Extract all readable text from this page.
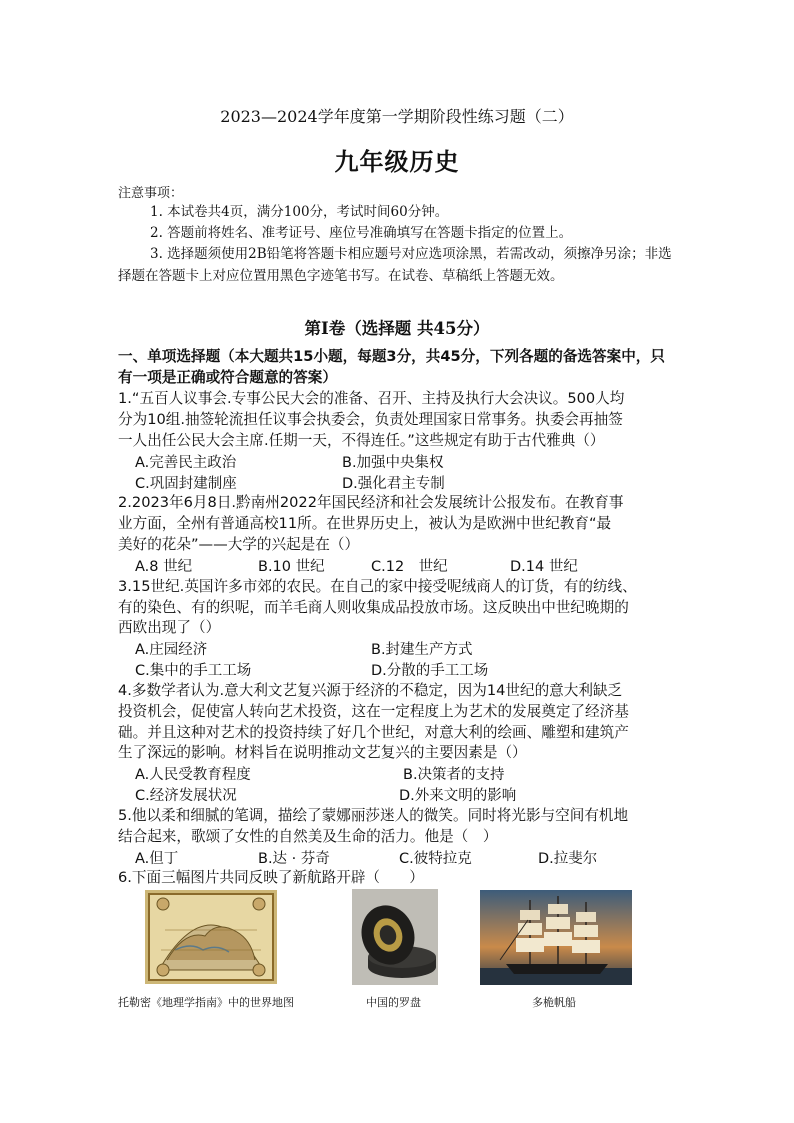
2023—2024学年度第一学期阶段性练习题（二）
九年级历史
注意事项：
1. 本试卷共4页，满分100分，考试时间60分钟。
2. 答题前将姓名、准考证号、座位号准确填写在答题卡指定的位置上。
3. 选择题须使用2B铅笔将答题卡相应题号对应选项涂黑，若需改动，须擦净另涂；非选择题在答题卡上对应位置用黑色字迹笔书写。在试卷、草稿纸上答题无效。
第Ⅰ卷（选择题 共45分）
一、单项选择题（本大题共15小题，每题3分，共45分，下列各题的备选答案中，只有一项是正确或符合题意的答案）
1.“五百人议事会.专事公民大会的准备、召开、主持及执行大会决议。500人均
分为10组.抽签轮流担任议事会执委会，负责处理国家日常事务。执委会再抽签
一人出任公民大会主席.任期一天，不得连任。”这些规定有助于古代雅典（）
A.完善民主政治	B.加强中央集权
C.巩固封建制座	D.强化君主专制
2.2023年6月8日.黔南州2022年国民经济和社会发展统计公报发布。在教育事
业方面，全州有普通高校11所。在世界历史上，被认为是欧洲中世纪教育“最
美好的花朵”——大学的兴起是在（）
A.8 世纪	B.10 世纪	C.12　世纪	D.14 世纪
3.15世纪.英国许多市郊的农民。在自己的家中接受呢绒商人的订货，有的纺线、
有的染色、有的织呢，而羊毛商人则收集成品投放市场。这反映出中世纪晚期的
西欧出现了（）
A.庄园经济	B.封建生产方式
C.集中的手工工场	D.分散的手工工场
4.多数学者认为.意大利文艺复兴源于经济的不稳定，因为14世纪的意大利缺乏
投资机会，促使富人转向艺术投资，这在一定程度上为艺术的发展奠定了经济基
础。并且这种对艺术的投资持续了好几个世纪，对意大利的绘画、雕塑和建筑产
生了深远的影响。材料旨在说明推动文艺复兴的主要因素是（）
A.人民受教育程度	B.决策者的支持
C.经济发展状况	D.外来文明的影响
5.他以柔和细腻的笔调，描绘了蒙娜丽莎迷人的微笑。同时将光影与空间有机地
结合起来，歌颂了女性的自然美及生命的活力。他是（　）
A.但丁	B.达 · 芬奇	C.彼特拉克	D.拉斐尔
6.下面三幅图片共同反映了新航路开辟（　　）
托勒密《地理学指南》中的世界地图	中国的罗盘	多桅帆船
